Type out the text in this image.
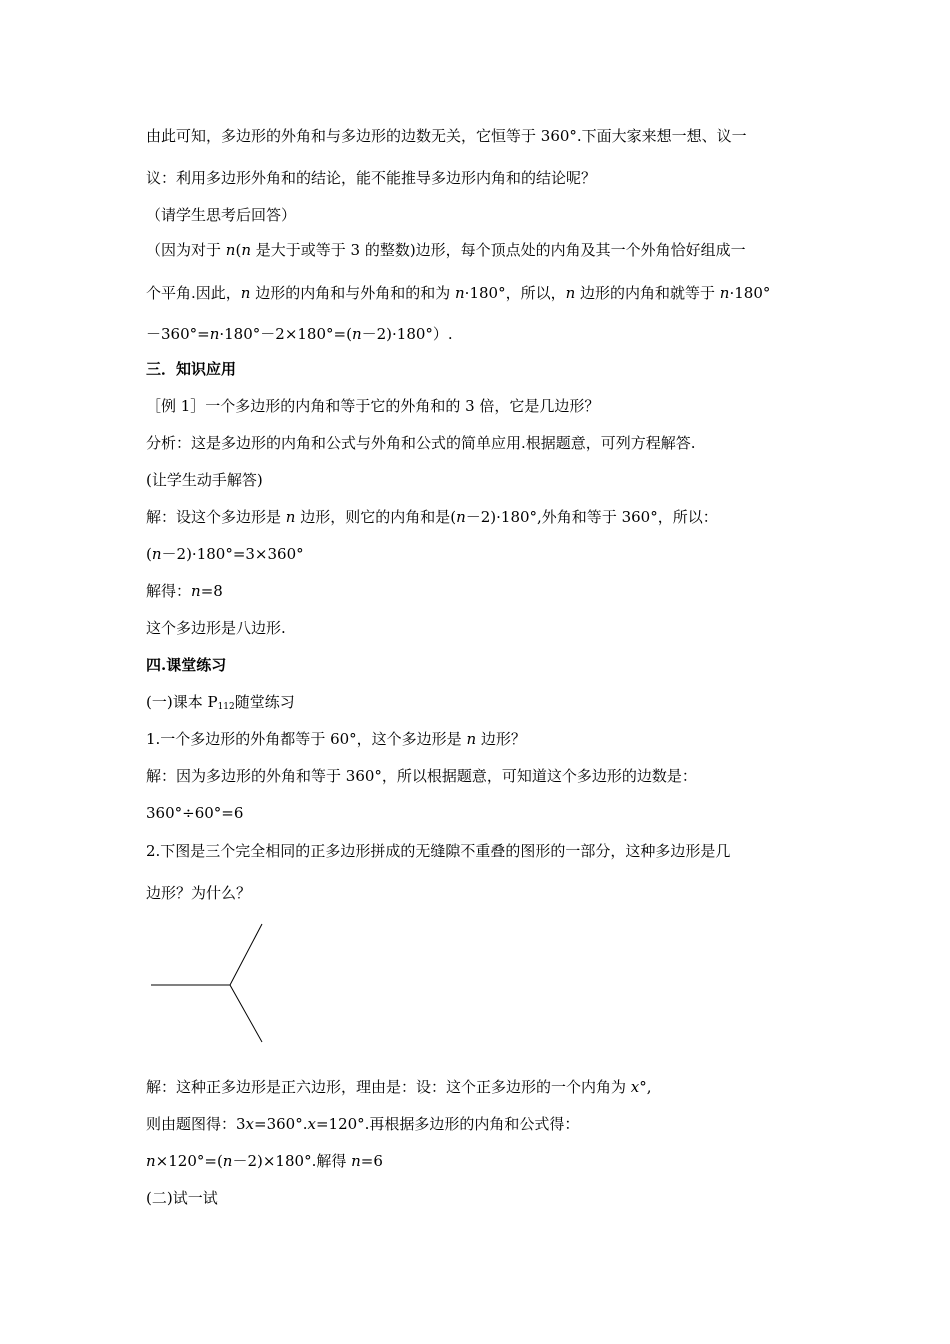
由此可知，多边形的外角和与多边形的边数无关，它恒等于 360°.下面大家来想一想、议一
议：利用多边形外角和的结论，能不能推导多边形内角和的结论呢？
（请学生思考后回答）
（因为对于 n(n 是大于或等于 3 的整数)边形，每个顶点处的内角及其一个外角恰好组成一
个平角.因此，n 边形的内角和与外角和的和为 n·180°，所以，n 边形的内角和就等于 n·180°
－360°=n·180°－2×180°=(n－2)·180°）.
三．知识应用
［例 1］一个多边形的内角和等于它的外角和的 3 倍，它是几边形？
分析：这是多边形的内角和公式与外角和公式的简单应用.根据题意，可列方程解答.
(让学生动手解答)
解：设这个多边形是 n 边形，则它的内角和是(n－2)·180°,外角和等于 360°，所以：
(n－2)·180°=3×360°
解得：n=8
这个多边形是八边形.
四.课堂练习
(一)课本 $P_{112}$随堂练习
1.一个多边形的外角都等于 60°，这个多边形是 n 边形？
解：因为多边形的外角和等于 360°，所以根据题意，可知道这个多边形的边数是：
360°÷60°=6
2.下图是三个完全相同的正多边形拼成的无缝隙不重叠的图形的一部分，这种多边形是几
边形？为什么？
解：这种正多边形是正六边形，理由是：设：这个正多边形的一个内角为 x°,
则由题图得：3x=360°.x=120°.再根据多边形的内角和公式得：
n×120°=(n－2)×180°.解得 n=6
(二)试一试
